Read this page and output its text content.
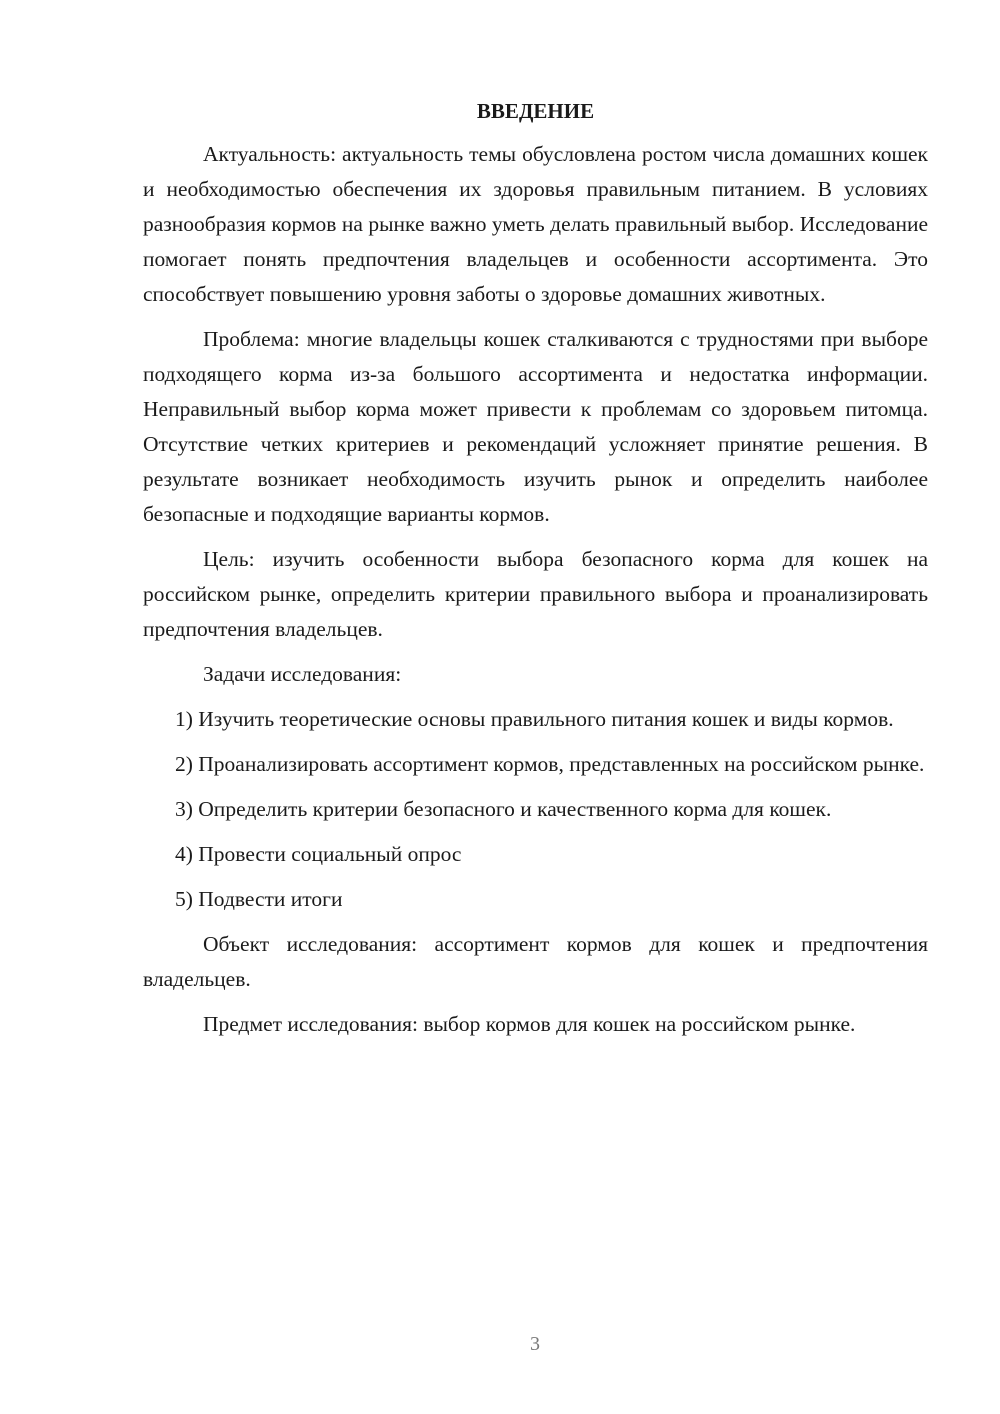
ВВЕДЕНИЕ

Актуальность: актуальность темы обусловлена ростом числа домашних кошек и необходимостью обеспечения их здоровья правильным питанием. В условиях разнообразия кормов на рынке важно уметь делать правильный выбор. Исследование помогает понять предпочтения владельцев и особенности ассортимента. Это способствует повышению уровня заботы о здоровье домашних животных.

Проблема: многие владельцы кошек сталкиваются с трудностями при выборе подходящего корма из-за большого ассортимента и недостатка информации. Неправильный выбор корма может привести к проблемам со здоровьем питомца. Отсутствие четких критериев и рекомендаций усложняет принятие решения. В результате возникает необходимость изучить рынок и определить наиболее безопасные и подходящие варианты кормов.

Цель: изучить особенности выбора безопасного корма для кошек на российском рынке, определить критерии правильного выбора и проанализировать предпочтения владельцев.

Задачи исследования:

1) Изучить теоретические основы правильного питания кошек и виды кормов.

2) Проанализировать ассортимент кормов, представленных на российском рынке.

3) Определить критерии безопасного и качественного корма для кошек.

4) Провести социальный опрос

5) Подвести итоги

Объект исследования: ассортимент кормов для кошек и предпочтения владельцев.

Предмет исследования: выбор кормов для кошек на российском рынке.

3
